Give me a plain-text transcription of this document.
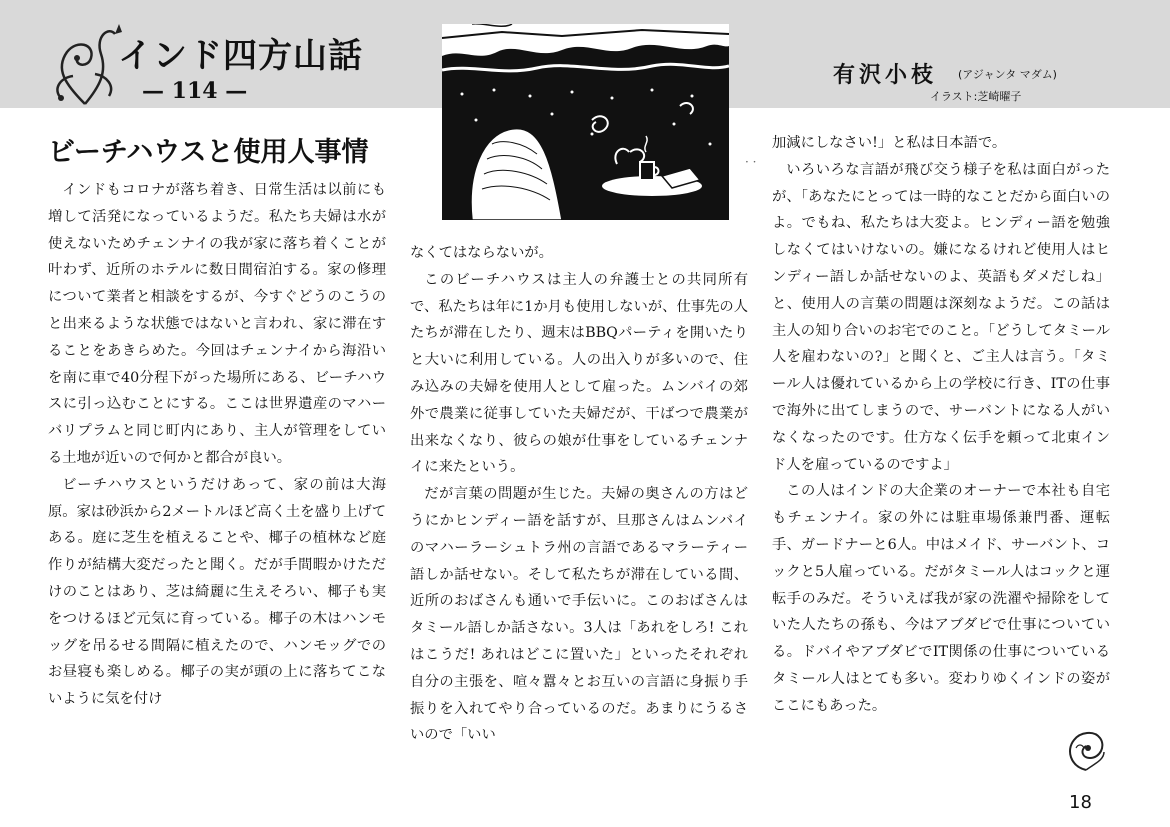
インド四方山話
— 114 —
有沢小枝 (アジャンタ マダム)
イラスト:芝崎曜子
ビーチハウスと使用人事情

インドもコロナが落ち着き、日常生活は以前にも増して活発になっているようだ。私たち夫婦は水が使えないためチェンナイの我が家に落ち着くことが叶わず、近所のホテルに数日間宿泊する。家の修理について業者と相談をするが、今すぐどうのこうのと出来るような状態ではないと言われ、家に滞在することをあきらめた。今回はチェンナイから海沿いを南に車で40分程下がった場所にある、ビーチハウスに引っ込むことにする。ここは世界遺産のマハーバリプラムと同じ町内にあり、主人が管理をしている土地が近いので何かと都合が良い。

ビーチハウスというだけあって、家の前は大海原。家は砂浜から2メートルほど高く土を盛り上げてある。庭に芝生を植えることや、椰子の植林など庭作りが結構大変だったと聞く。だが手間暇かけただけのことはあり、芝は綺麗に生えそろい、椰子も実をつけるほど元気に育っている。椰子の木はハンモッグを吊るせる間隔に植えたので、ハンモッグでのお昼寝も楽しめる。椰子の実が頭の上に落ちてこないように気を付け

なくてはならないが。

このビーチハウスは主人の弁護士との共同所有で、私たちは年に1か月も使用しないが、仕事先の人たちが滞在したり、週末はBBQパーティを開いたりと大いに利用している。人の出入りが多いので、住み込みの夫婦を使用人として雇った。ムンバイの郊外で農業に従事していた夫婦だが、干ばつで農業が出来なくなり、彼らの娘が仕事をしているチェンナイに来たという。

だが言葉の問題が生じた。夫婦の奥さんの方はどうにかヒンディー語を話すが、旦那さんはムンバイのマハーラーシュトラ州の言語であるマラーティー語しか話せない。そして私たちが滞在している間、近所のおばさんも通いで手伝いに。このおばさんはタミール語しか話さない。3人は「あれをしろ! これはこうだ! あれはどこに置いた」といったそれぞれ自分の主張を、喧々囂々とお互いの言語に身振り手振りを入れてやり合っているのだ。あまりにうるさいので「いい

· ·

加減にしなさい!」と私は日本語で。

いろいろな言語が飛び交う様子を私は面白がったが、「あなたにとっては一時的なことだから面白いのよ。でもね、私たちは大変よ。ヒンディー語を勉強しなくてはいけないの。嫌になるけれど使用人はヒンディー語しか話せないのよ、英語もダメだしね」と、使用人の言葉の問題は深刻なようだ。この話は主人の知り合いのお宅でのこと。「どうしてタミール人を雇わないの?」と聞くと、ご主人は言う。「タミール人は優れているから上の学校に行き、ITの仕事で海外に出てしまうので、サーバントになる人がいなくなったのです。仕方なく伝手を頼って北東インド人を雇っているのですよ」

この人はインドの大企業のオーナーで本社も自宅もチェンナイ。家の外には駐車場係兼門番、運転手、ガードナーと6人。中はメイド、サーバント、コックと5人雇っている。だがタミール人はコックと運転手のみだ。そういえば我が家の洗濯や掃除をしていた人たちの孫も、今はアブダビで仕事についている。ドバイやアブダビでIT関係の仕事についているタミール人はとても多い。変わりゆくインドの姿がここにもあった。

18
